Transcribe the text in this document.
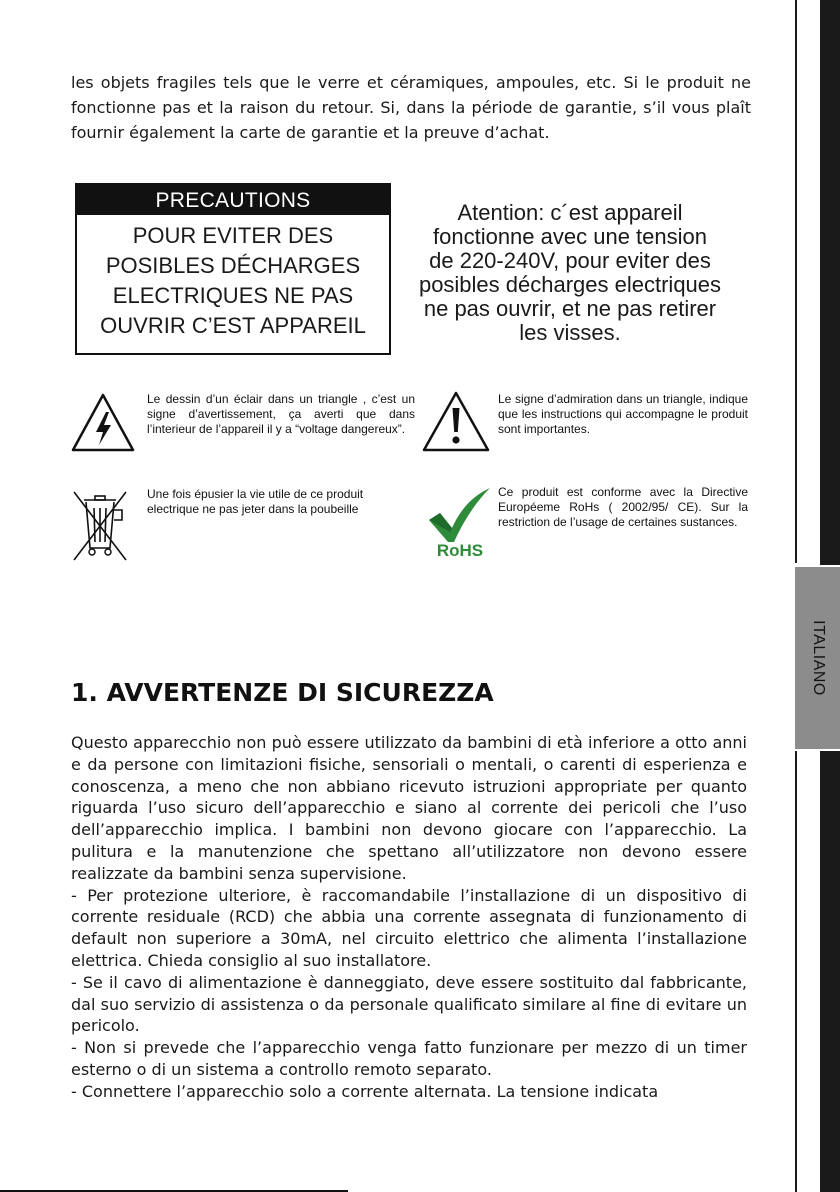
ITALIANO
les objets fragiles tels que le verre et céramiques, ampoules, etc. Si le produit ne fonctionne pas et la raison du retour. Si, dans la période de garantie, s’il vous plaît fournir également la carte de garantie et la preuve d’achat.
PRECAUTIONS
POUR EVITER DES
POSIBLES DÉCHARGES
ELECTRIQUES NE PAS
OUVRIR C’EST APPAREIL
Atention: c´est appareil
fonctionne avec une tension
de 220-240V, pour eviter des
posibles décharges electriques
ne pas ouvrir, et ne pas retirer
les visses.
RoHS
Le dessin d’un éclair dans un triangle , c’est un signe d’avertissement, ça averti que dans l’interieur de l’appareil il y a “voltage dangereux”.
Le signe d’admiration dans un triangle, indique que les instructions qui accompagne le produit sont importantes.
Une fois épusier la vie utile de ce produit electrique ne pas jeter dans la poubeille
Ce produit est conforme avec la Directive Européeme RoHs ( 2002/95/ CE). Sur la restriction de l’usage de certaines sustances.
1. AVVERTENZE DI SICUREZZA

Questo apparecchio non può essere utilizzato da bambini di età inferiore a otto anni e da persone con limitazioni fisiche, sensoriali o mentali, o carenti di esperienza e conoscenza, a meno che non abbiano ricevuto istruzioni appropriate per quanto riguarda l’uso sicuro dell’apparecchio e siano al corrente dei pericoli che l’uso dell’apparecchio implica. I bambini non devono giocare con l’apparecchio. La pulitura e la manutenzione che spettano all’utilizzatore non devono essere realizzate da bambini senza supervisione.

- Per protezione ulteriore, è raccomandabile l’installazione di un dispositivo di corrente residuale (RCD) che abbia una corrente assegnata di funzionamento di default non superiore a 30mA, nel circuito elettrico che alimenta l’installazione elettrica. Chieda consiglio al suo installatore.

- Se il cavo di alimentazione è danneggiato, deve essere sostituito dal fabbricante, dal suo servizio di assistenza o da personale qualificato similare al fine di evitare un pericolo.

- Non si prevede che l’apparecchio venga fatto funzionare per mezzo di un timer esterno o di un sistema a controllo remoto separato.

- Connettere l’apparecchio solo a corrente alternata. La tensione indicata
